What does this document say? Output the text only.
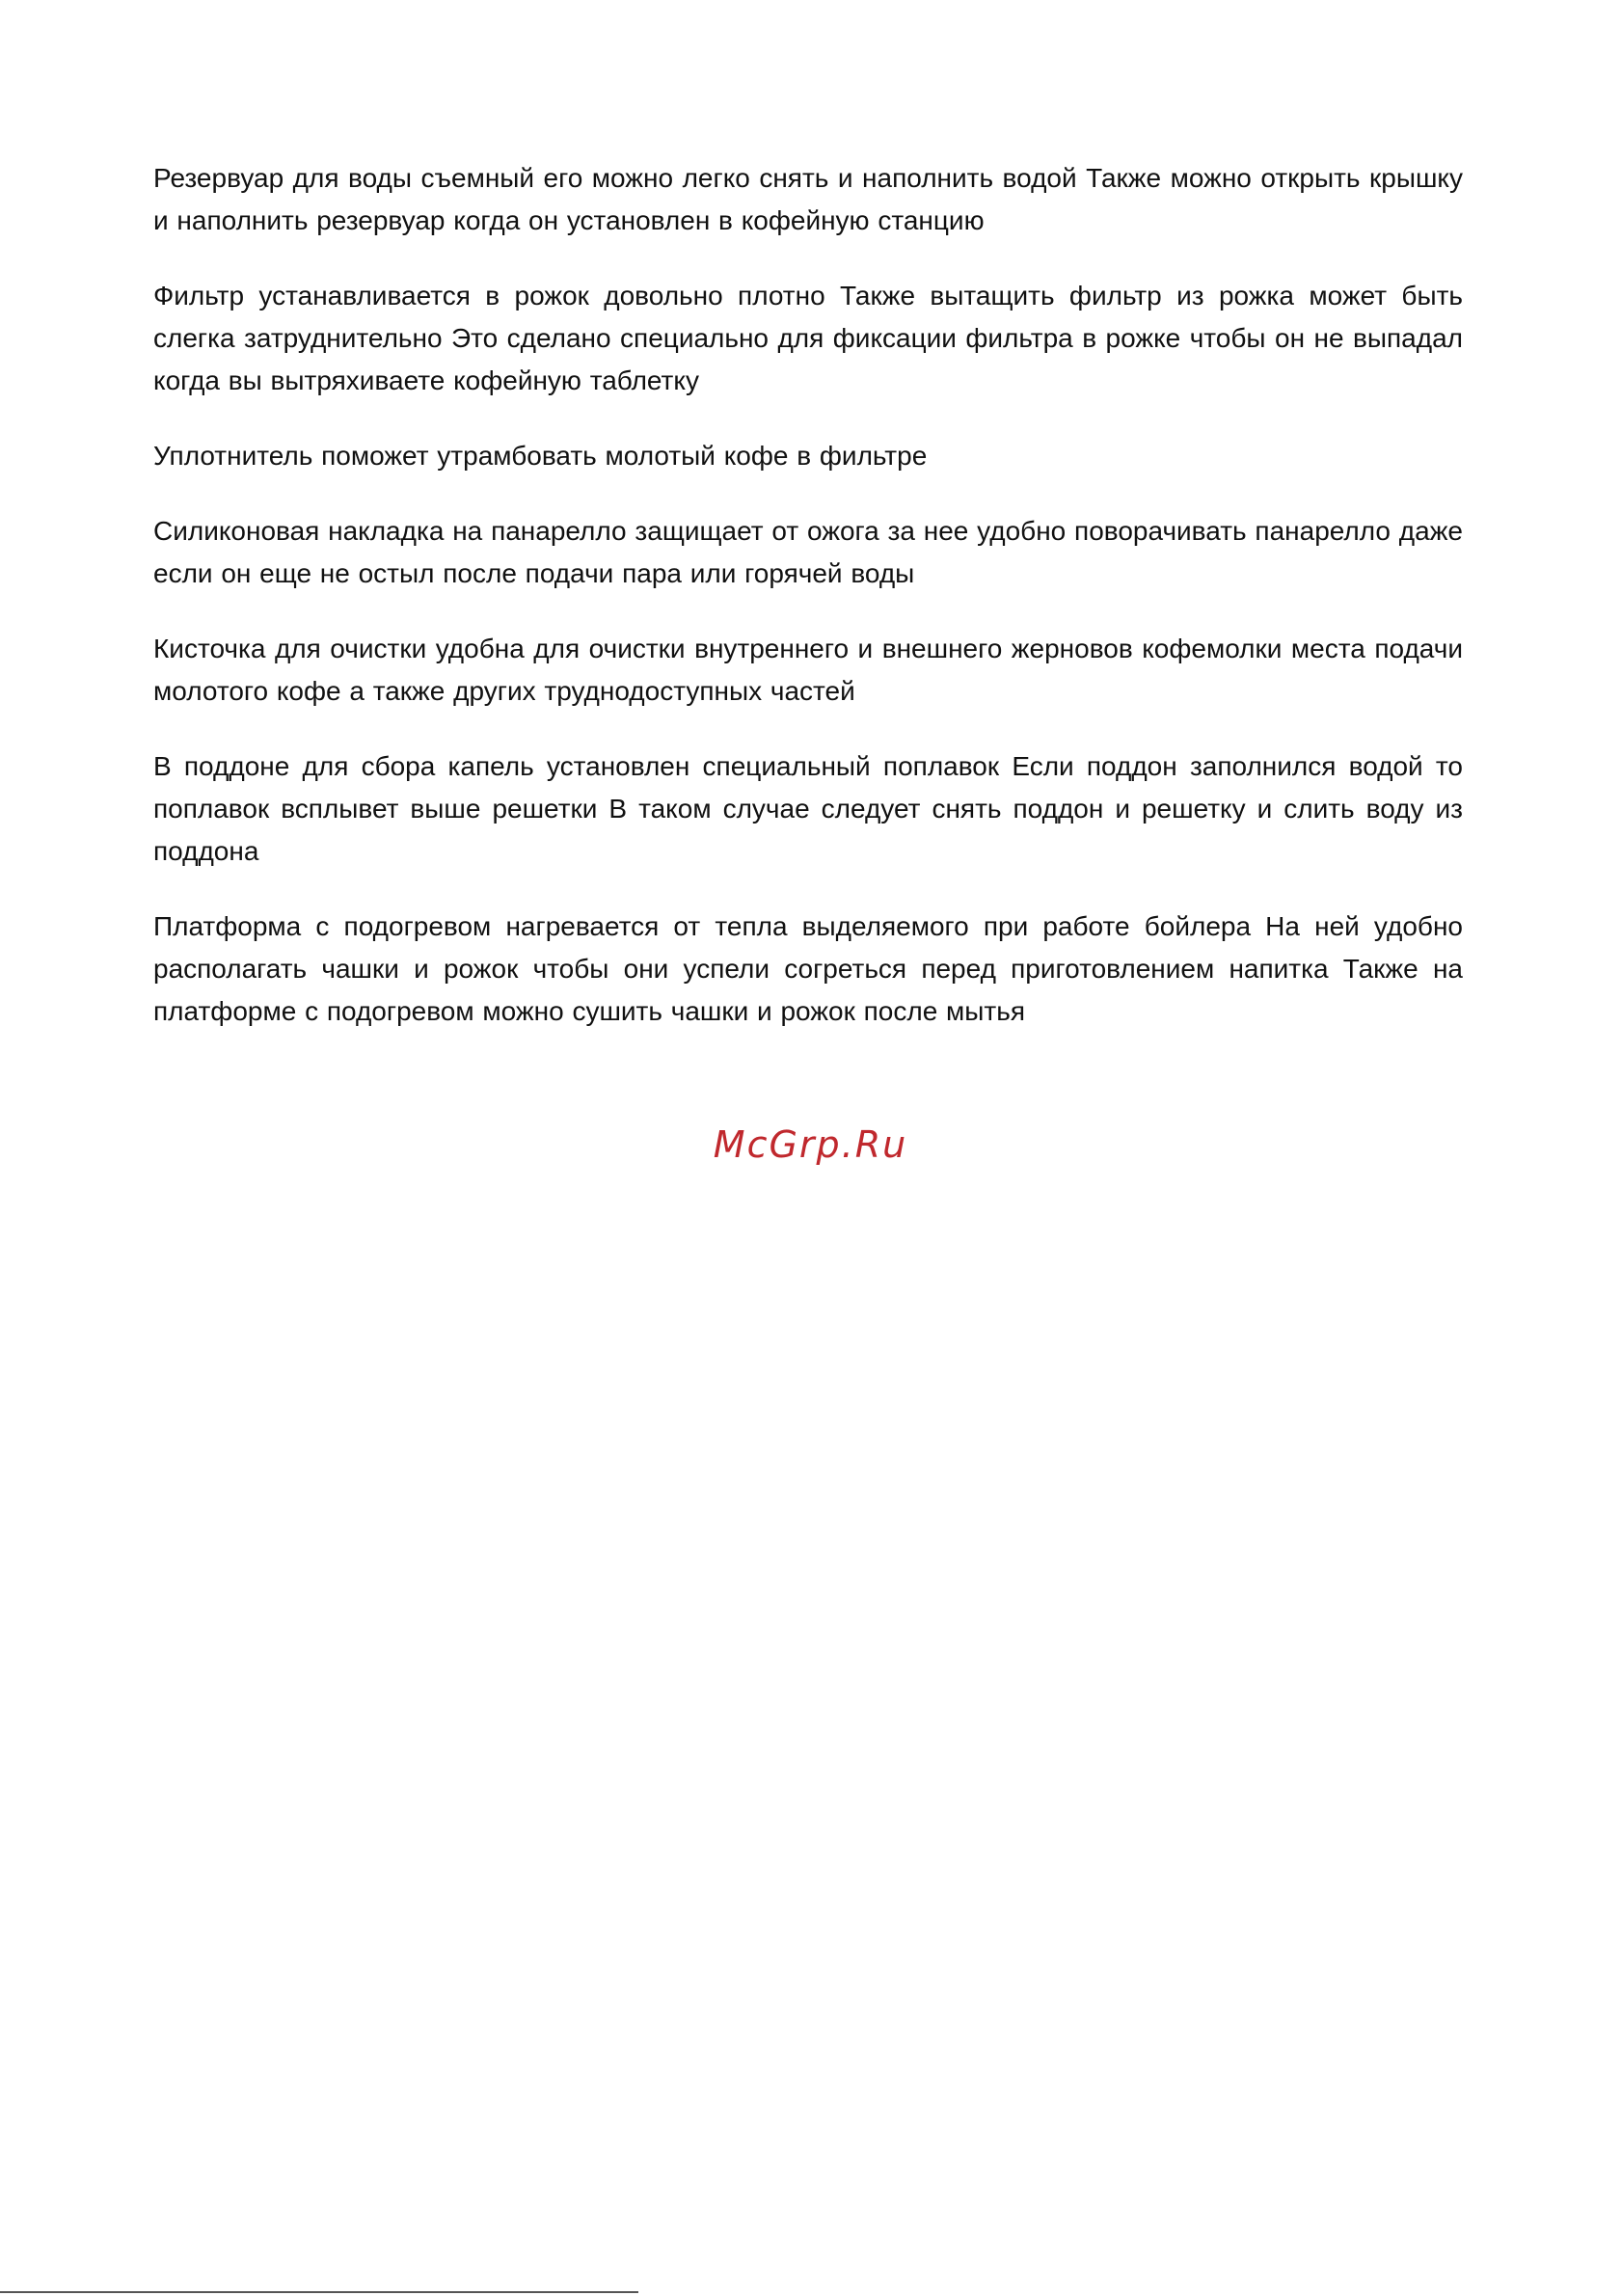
Резервуар для воды съемный его можно легко снять и наполнить водой Также можно открыть крышку и наполнить резервуар когда он установлен в кофейную станцию

Фильтр устанавливается в рожок довольно плотно Также вытащить фильтр из рожка может быть слегка затруднительно Это сделано специально для фиксации фильтра в рожке чтобы он не выпадал когда вы вытряхиваете кофейную таблетку

Уплотнитель поможет утрамбовать молотый кофе в фильтре

Силиконовая накладка на панарелло защищает от ожога за нее удобно поворачивать панарелло даже если он еще не остыл после подачи пара или горячей воды

Кисточка для очистки удобна для очистки внутреннего и внешнего жерновов кофемолки места подачи молотого кофе а также других труднодоступных частей

В поддоне для сбора капель установлен специальный поплавок Если поддон заполнился водой то поплавок всплывет выше решетки В таком случае следует снять поддон и решетку и слить воду из поддона

Платформа с подогревом нагревается от тепла выделяемого при работе бойлера На ней удобно располагать чашки и рожок чтобы они успели согреться перед приготовлением напитка Также на платформе с подогревом можно сушить чашки и рожок после мытья

McGrp.Ru
